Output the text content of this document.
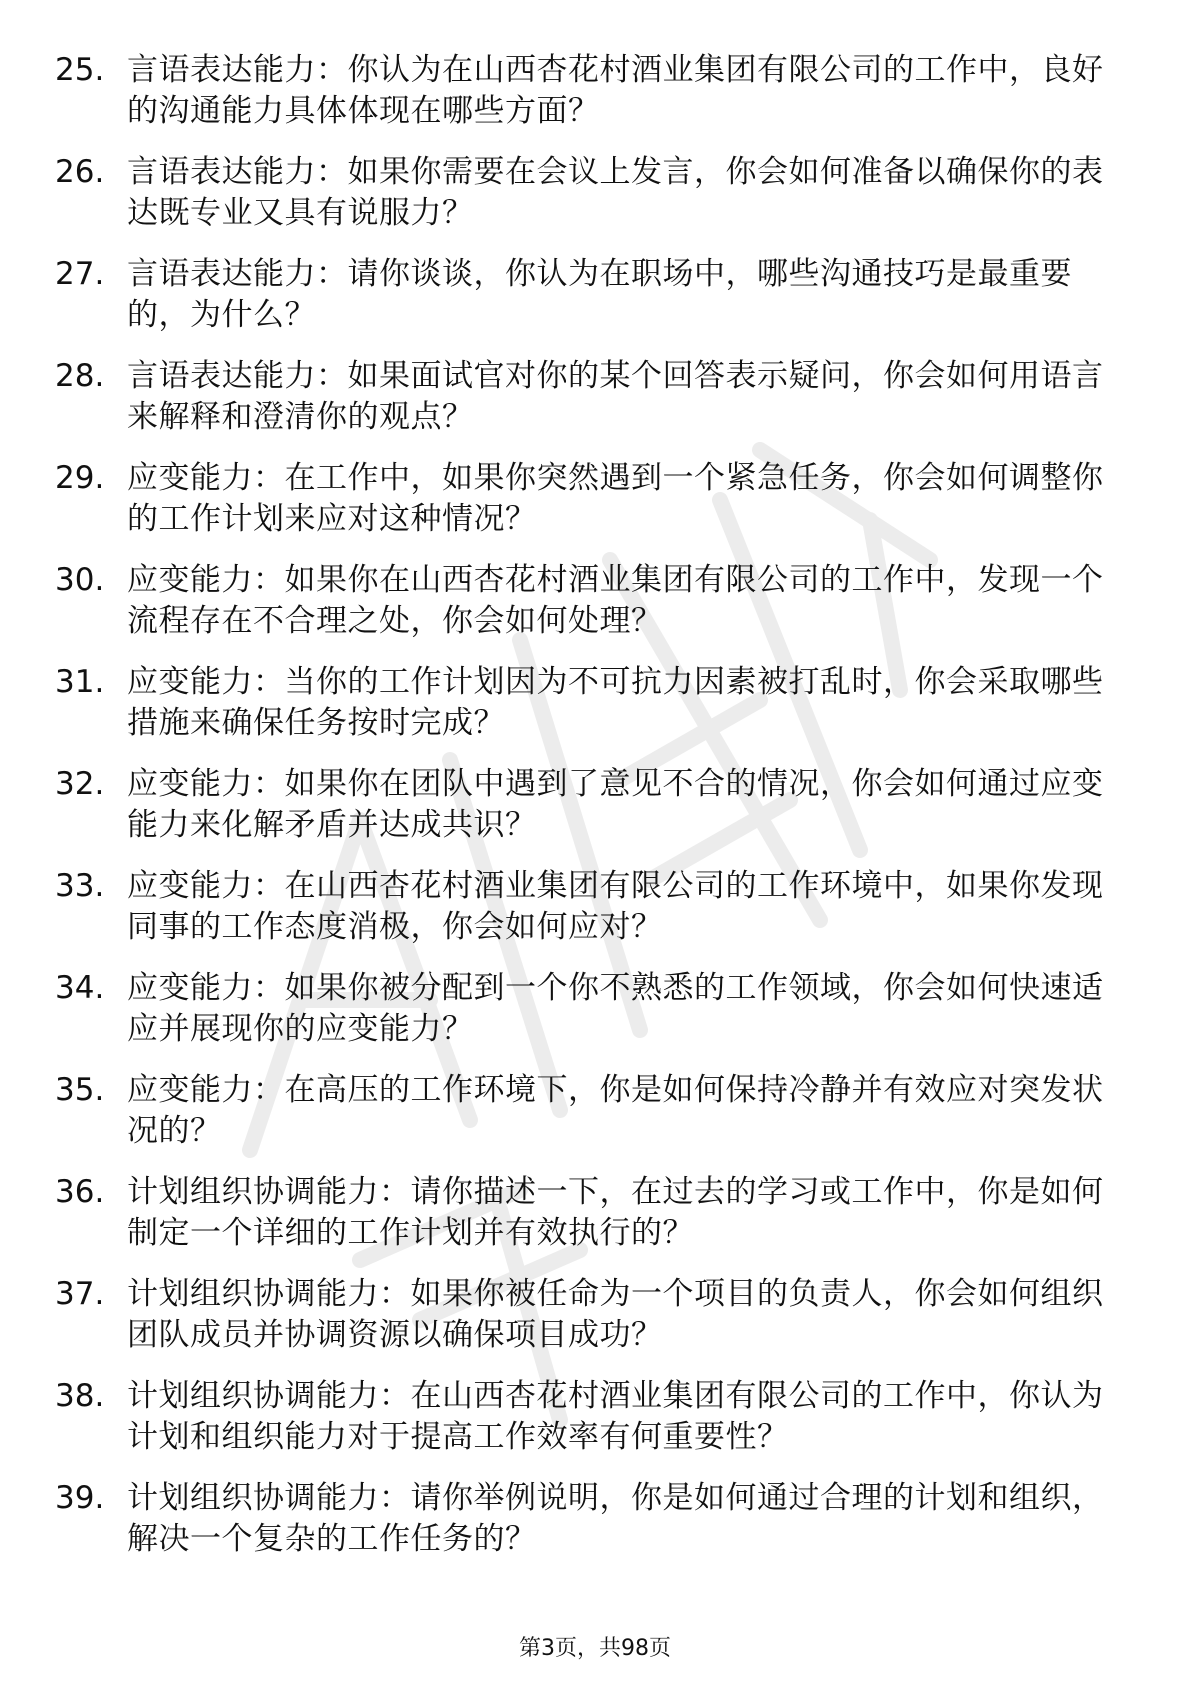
25. 言语表达能力：你认为在山西杏花村酒业集团有限公司的工作中，良好的沟通能力具体体现在哪些方面？
26. 言语表达能力：如果你需要在会议上发言，你会如何准备以确保你的表达既专业又具有说服力？
27. 言语表达能力：请你谈谈，你认为在职场中，哪些沟通技巧是最重要的，为什么？
28. 言语表达能力：如果面试官对你的某个回答表示疑问，你会如何用语言来解释和澄清你的观点？
29. 应变能力：在工作中，如果你突然遇到一个紧急任务，你会如何调整你的工作计划来应对这种情况？
30. 应变能力：如果你在山西杏花村酒业集团有限公司的工作中，发现一个流程存在不合理之处，你会如何处理？
31. 应变能力：当你的工作计划因为不可抗力因素被打乱时，你会采取哪些措施来确保任务按时完成？
32. 应变能力：如果你在团队中遇到了意见不合的情况，你会如何通过应变能力来化解矛盾并达成共识？
33. 应变能力：在山西杏花村酒业集团有限公司的工作环境中，如果你发现同事的工作态度消极，你会如何应对？
34. 应变能力：如果你被分配到一个你不熟悉的工作领域，你会如何快速适应并展现你的应变能力？
35. 应变能力：在高压的工作环境下，你是如何保持冷静并有效应对突发状况的？
36. 计划组织协调能力：请你描述一下，在过去的学习或工作中，你是如何制定一个详细的工作计划并有效执行的？
37. 计划组织协调能力：如果你被任命为一个项目的负责人，你会如何组织团队成员并协调资源以确保项目成功？
38. 计划组织协调能力：在山西杏花村酒业集团有限公司的工作中，你认为计划和组织能力对于提高工作效率有何重要性？
39. 计划组织协调能力：请你举例说明，你是如何通过合理的计划和组织，解决一个复杂的工作任务的？
第3页，共98页
